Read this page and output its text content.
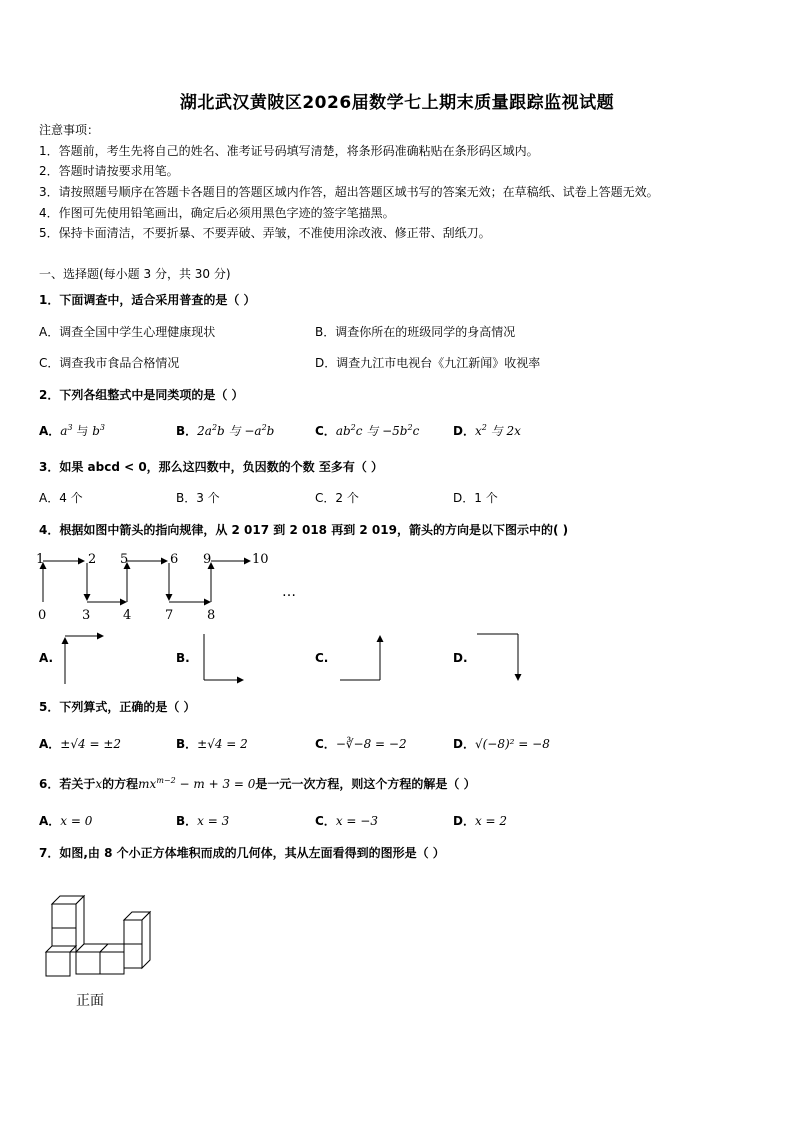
湖北武汉黄陂区2026届数学七上期末质量跟踪监视试题
注意事项：
1．答题前，考生先将自己的姓名、准考证号码填写清楚，将条形码准确粘贴在条形码区域内。
2．答题时请按要求用笔。
3．请按照题号顺序在答题卡各题目的答题区域内作答，超出答题区域书写的答案无效；在草稿纸、试卷上答题无效。
4．作图可先使用铅笔画出，确定后必须用黑色字迹的签字笔描黑。
5．保持卡面清洁，不要折暴、不要弄破、弄皱，不准使用涂改液、修正带、刮纸刀。
一、选择题(每小题 3 分，共 30 分)
1．下面调查中，适合采用普查的是（ ）
A．调查全国中学生心理健康现状	B．调查你所在的班级同学的身高情况
C．调查我市食品合格情况	D．调查九江市电视台《九江新闻》收视率
2．下列各组整式中是同类项的是（ ）
A．$a^3$ 与 $b^3$	B．$2a^2b$ 与 $-a^2b$	C．$ab^2c$ 与 $-5b^2c$	D．$x^2$ 与 2x
3．如果 abcd < 0，那么这四数中，负因数的个数 至多有（ ）
A．4 个	B．3 个	C．2 个	D．1 个
4．根据如图中箭头的指向规律，从 2 017 到 2 018 再到 2 019，箭头的方向是以下图示中的( )
1	2 5	6 9	10
0	3	4	7	8
…
A.	B.	C.	D.
5．下列算式，正确的是（ ）
A．±√4 = ±2	B．±√4 = 2	C．−∛−8 = −2	D．√(−8)² = −8
6．若关于x的方程$mx^{m-2} - m + 3 = 0$是一元一次方程，则这个方程的解是（ ）
A．x = 0	B．x = 3	C．x = −3	D．x = 2
7．如图,由 8 个小正方体堆积而成的几何体，其从左面看得到的图形是（ ）
正面
